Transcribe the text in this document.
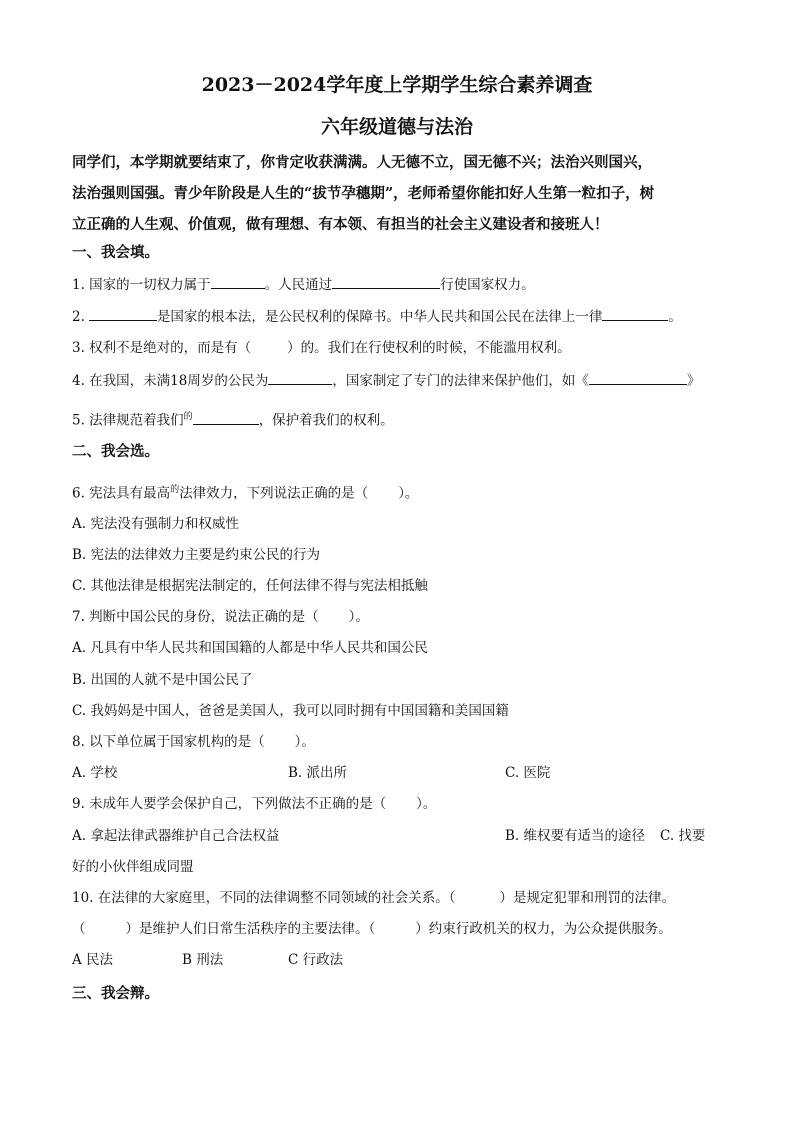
2023－2024学年度上学期学生综合素养调查
六年级道德与法治
同学们，本学期就要结束了，你肯定收获满满。人无德不立，国无德不兴；法治兴则国兴，
法治强则国强。青少年阶段是人生的“拔节孕穗期”，老师希望你能扣好人生第一粒扣子，树
立正确的人生观、价值观，做有理想、有本领、有担当的社会主义建设者和接班人！
一、我会填。
1. 国家的一切权力属于	。人民通过	行使国家权力。
2.	是国家的根本法，是公民权利的保障书。中华人民共和国公民在法律上一律	。
3. 权利不是绝对的，而是有（	）的。我们在行使权利的时候，不能滥用权利。
4. 在我国，未满18周岁的公民为	，国家制定了专门的法律来保护他们，如《	》
5. 法律规范着我们$^的$	，保护着我们的权利。
二、我会选。
6. 宪法具有最高$^的$法律效力，下列说法正确的是（ ）。
A. 宪法没有强制力和权威性
B. 宪法的法律效力主要是约束公民的行为
C. 其他法律是根据宪法制定的，任何法律不得与宪法相抵触
7. 判断中国公民的身份，说法正确的是（ ）。
A. 凡具有中华人民共和国国籍的人都是中华人民共和国公民
B. 出国的人就不是中国公民了
C. 我妈妈是中国人，爸爸是美国人，我可以同时拥有中国国籍和美国国籍
8. 以下单位属于国家机构的是（ ）。
A. 学校	B. 派出所	C. 医院
9. 未成年人要学会保护自己，下列做法不正确的是（ ）。
A. 拿起法律武器维护自己合法权益	B. 维权要有适当的途径 C. 找要
好的小伙伴组成同盟
10. 在法律的大家庭里，不同的法律调整不同领域的社会关系。（	）是规定犯罪和刑罚的法律。
（	）是维护人们日常生活秩序的主要法律。（	）约束行政机关的权力，为公众提供服务。
A 民法	B 刑法	C 行政法
三、我会辩。
